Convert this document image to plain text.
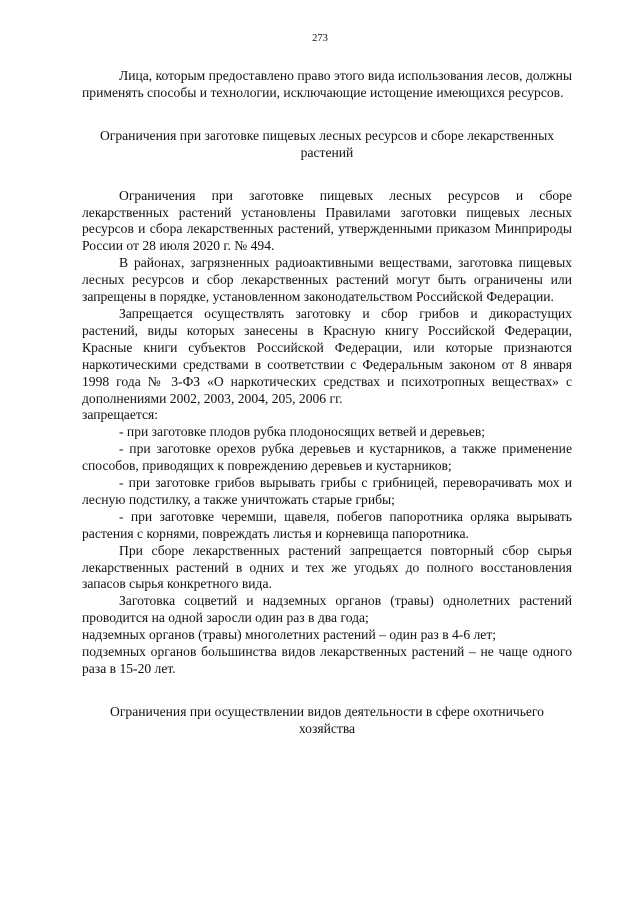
273

Лица, которым предоставлено право этого вида использования лесов, должны применять способы и технологии, исключающие истощение имеющихся ресурсов.

Ограничения при заготовке пищевых лесных ресурсов и сборе лекарственных растений

Ограничения при заготовке пищевых лесных ресурсов и сборе лекарственных растений установлены Правилами заготовки пищевых лесных ресурсов и сбора лекарственных растений, утвержденными приказом Минприроды России от 28 июля 2020 г. № 494.

В районах, загрязненных радиоактивными веществами, заготовка пищевых лесных ресурсов и сбор лекарственных растений могут быть ограничены или запрещены в порядке, установленном законодательством Российской Федерации.

Запрещается осуществлять заготовку и сбор грибов и дикорастущих растений, виды которых занесены в Красную книгу Российской Федерации, Красные книги субъектов Российской Федерации, или которые признаются наркотическими средствами в соответствии с Федеральным законом от 8 января 1998 года № 3-ФЗ «О наркотических средствах и психотропных веществах» с дополнениями 2002, 2003, 2004, 205, 2006 гг.

запрещается:

- при заготовке плодов рубка плодоносящих ветвей и деревьев;

- при заготовке орехов рубка деревьев и кустарников, а также применение способов, приводящих к повреждению деревьев и кустарников;

- при заготовке грибов вырывать грибы с грибницей, переворачивать мох и лесную подстилку, а также уничтожать старые грибы;

- при заготовке черемши, щавеля, побегов папоротника орляка вырывать растения с корнями, повреждать листья и корневища папоротника.

При сборе лекарственных растений запрещается повторный сбор сырья лекарственных растений в одних и тех же угодьях до полного восстановления запасов сырья конкретного вида.

Заготовка соцветий и надземных органов (травы) однолетних растений проводится на одной заросли один раз в два года;

надземных органов (травы) многолетних растений – один раз в 4-6 лет;

подземных органов большинства видов лекарственных растений – не чаще одного раза в 15-20 лет.

Ограничения при осуществлении видов деятельности в сфере охотничьего хозяйства
